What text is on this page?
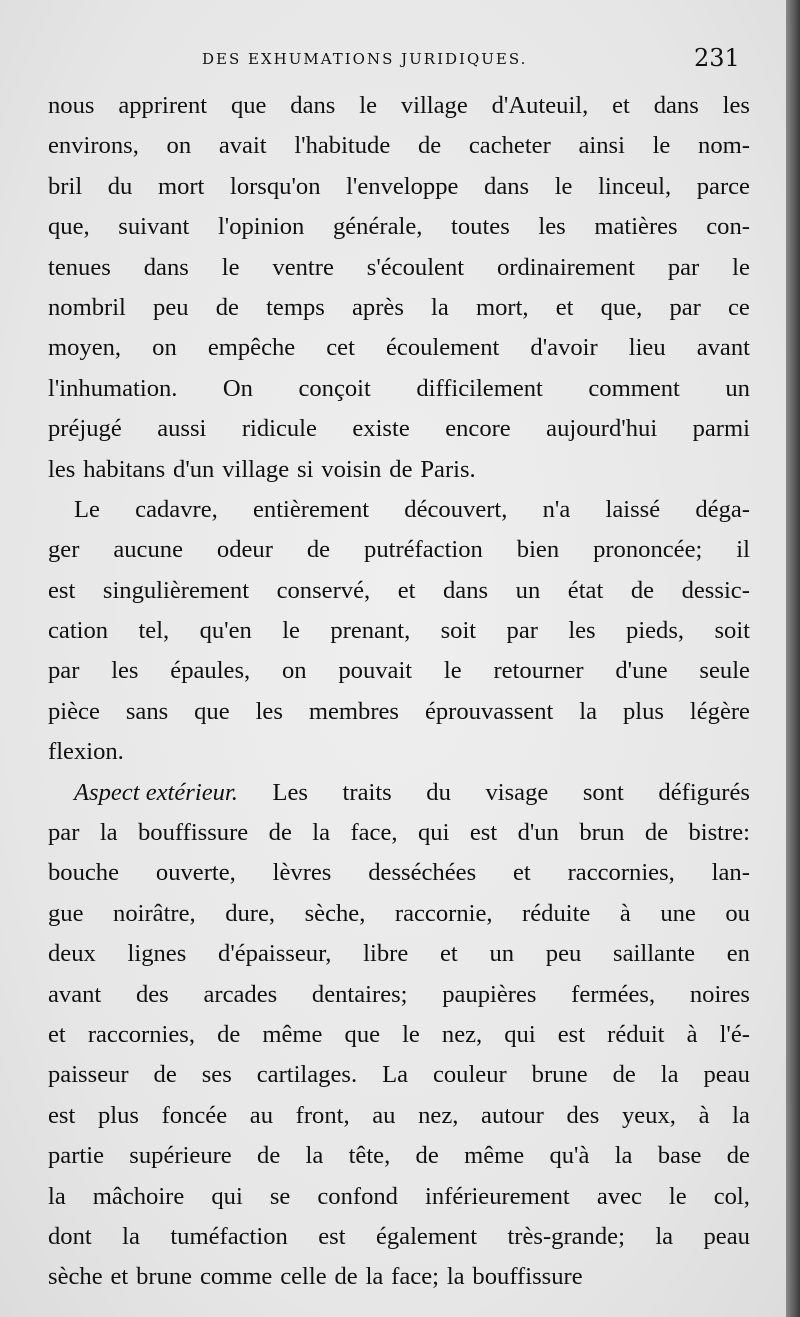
DES EXHUMATIONS JURIDIQUES.	231
nous apprirent que dans le village d'Auteuil, et dans les
environs, on avait l'habitude de cacheter ainsi le nom-
bril du mort lorsqu'on l'enveloppe dans le linceul, parce
que, suivant l'opinion générale, toutes les matières con-
tenues dans le ventre s'écoulent ordinairement par le
nombril peu de temps après la mort, et que, par ce
moyen, on empêche cet écoulement d'avoir lieu avant
l'inhumation. On conçoit difficilement comment un
préjugé aussi ridicule existe encore aujourd'hui parmi
les habitans d'un village si voisin de Paris.
Le cadavre, entièrement découvert, n'a laissé déga-
ger aucune odeur de putréfaction bien prononcée; il
est singulièrement conservé, et dans un état de dessic-
cation tel, qu'en le prenant, soit par les pieds, soit
par les épaules, on pouvait le retourner d'une seule
pièce sans que les membres éprouvassent la plus légère
flexion.
Aspect extérieur. Les traits du visage sont défigurés
par la bouffissure de la face, qui est d'un brun de bistre:
bouche ouverte, lèvres desséchées et raccornies, lan-
gue noirâtre, dure, sèche, raccornie, réduite à une ou
deux lignes d'épaisseur, libre et un peu saillante en
avant des arcades dentaires; paupières fermées, noires
et raccornies, de même que le nez, qui est réduit à l'é-
paisseur de ses cartilages. La couleur brune de la peau
est plus foncée au front, au nez, autour des yeux, à la
partie supérieure de la tête, de même qu'à la base de
la mâchoire qui se confond inférieurement avec le col,
dont la tuméfaction est également très-grande; la peau
sèche et brune comme celle de la face; la bouffissure
